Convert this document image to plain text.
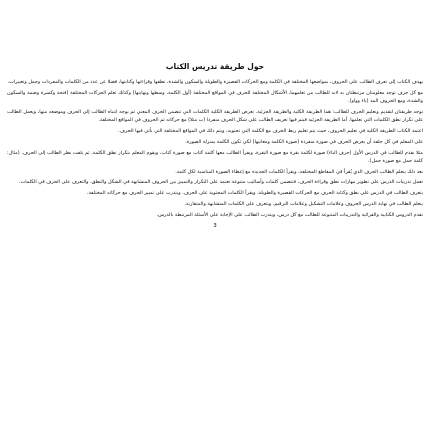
حول طريقة تدريس الكتاب

يهدف الكتاب إلى تعرف الطالب على الحروف، بمواضعها المختلفة في الكلمة ومع الحركات القصيرة والطويلة والسكون والشدة، نطقها وقراءتها وكتابتها، فضلا عن عدد من الكلمات والمفردات وجمل وتعبيرات.

مع كل حرف توجد معلومتان مرتبطتان به لابد للطالب من تعلمهما، الأشكال المختلفة للحرف في المواقع المختلفة (أول الكلمة، وسطها ونهايتها) وكذلك تعلم الحركات المختلفة (فتحة وكسرة وضمة والسكون والشدة، ومع الحروف المد (ياء وواو).

توجد طريقتان لتقديم وتعليم الحرف للطالب: هما الطريقة الكلية والطريقة الجزئية. تعرض الطريقة الكلية الكلمات التي تتضمن الحرف المعني ثم يوجه انتباه الطالب إلى الحرف وموضعه منها، ويعمل الطالب على تكرار نطق الكلمات التي تعلمها. أما الطريقة الجزئية فيتم فيها تعريف الطالب على شكل الحرف منفردا (ب مثلا) مع حركاته ثم الحروف في المواقع المختلفة.

اعتمد الكتاب الطريقة الكلية في تعليم الحروف، حيث يتم تعليم ربط الحرف مع الكلمة التي تحتويه، ويتم ذلك في المواقع المختلفة التي يأتي فيها الحرف.

على المعلم في كل حلقة أن يعرض الحرف في صورة منفردة (صورة الكلمة ومعانيها) لكي تكون الكلمة بمنزلة الصورة.

مثلا يقدم للطالب في الدرس الأول (حرف الباء) صورة لكلمة بقرة مع صورة البقرة، ويقرأ الطالب معها كلمة كتاب مع صورة كتاب، ويقوم المعلم بتكرار نطق الكلمة، ثم يلفت نظر الطالب إلى الحرف. (مثال: كلمة جمل مع صورة جمل).

بعد ذلك يتعلم الطالب الحرف الذي يُقرأ في المقاطع المختلفة، ويقرأ الكلمات الجديدة مع إعطاء الصورة المناسبة لكل كلمة.

تعمل تدريبات الدرس على تطوير مهارات نطق وقراءة الحرف، فتتضمن كلمات وأساليب متنوعة تعتمد على التكرار والتمييز بين الحروف المتشابهة في الشكل والنطق، والتعرف على الحرف في الكلمات.

يتعرف الطالب في الدرس على نطق وكتابة الحرف مع الحركات القصيرة والطويلة، ويقرأ الكلمات المحتوية على الحرف، ويتدرب على تمييز الحرف مع حركاته المختلفة.

يتعلم الطالب في نهاية الدرس الحروف وعلامات التشكيل وعلامات الترقيم، ويتعرف على الكلمات المتشابهة والمتقاربة.

تقدم الدروس الكتابية والقرائية والتدريبات المتنوعة للطالب مع كل درس، ويتدرب الطالب على الإجابة على الأسئلة المرتبطة بالدرس.

3
